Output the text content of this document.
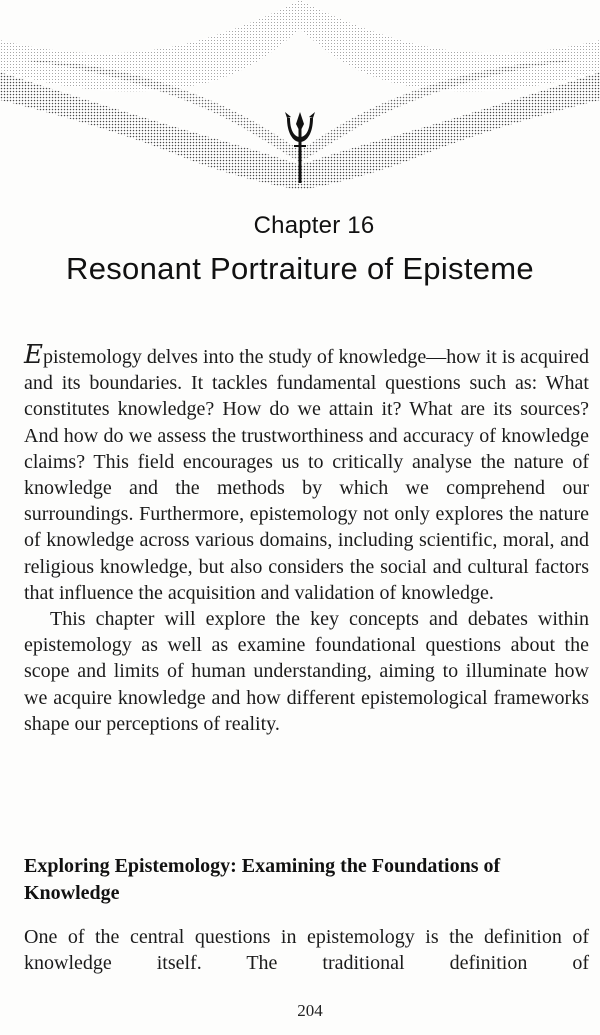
Chapter 16
Resonant Portraiture of Episteme

Epistemology delves into the study of knowledge—how it is acquired and its boundaries. It tackles fundamental questions such as: What constitutes knowledge? How do we attain it? What are its sources? And how do we assess the trustworthiness and accuracy of knowledge claims? This field encourages us to critically analyse the nature of knowledge and the methods by which we comprehend our surroundings. Furthermore, epistemology not only explores the nature of knowledge across various domains, including scientific, moral, and religious knowledge, but also considers the social and cultural factors that influence the acquisition and validation of knowledge.

This chapter will explore the key concepts and debates within epistemology as well as examine foundational questions about the scope and limits of human understanding, aiming to illuminate how we acquire knowledge and how different epistemological frameworks shape our perceptions of reality.

Exploring Epistemology: Examining the Foundations of Knowledge
One of the central questions in epistemology is the definition of knowledge itself. The traditional definition of
204
